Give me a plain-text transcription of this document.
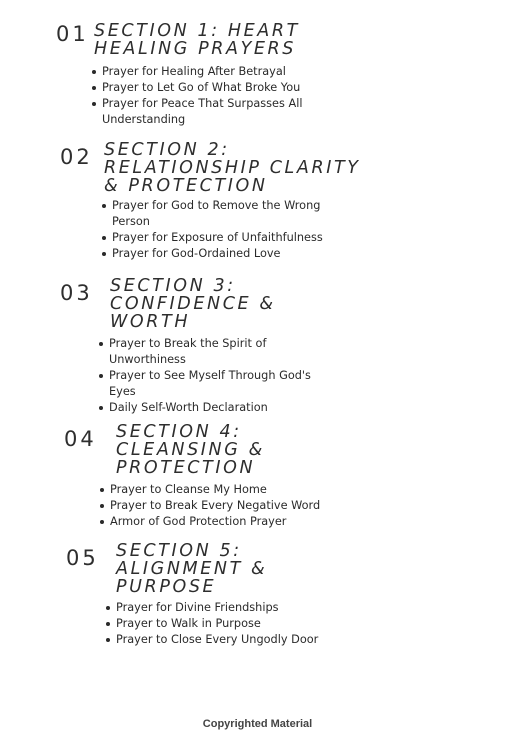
01 SECTION 1: HEART
HEALING PRAYERS
Prayer for Healing After Betrayal
Prayer to Let Go of What Broke You
Prayer for Peace That Surpasses All Understanding
02 SECTION 2:
RELATIONSHIP CLARITY
& PROTECTION
Prayer for God to Remove the Wrong Person
Prayer for Exposure of Unfaithfulness
Prayer for God-Ordained Love
03 SECTION 3:
CONFIDENCE &
WORTH
Prayer to Break the Spirit of Unworthiness
Prayer to See Myself Through God's Eyes
Daily Self-Worth Declaration
04 SECTION 4:
CLEANSING &
PROTECTION
Prayer to Cleanse My Home
Prayer to Break Every Negative Word
Armor of God Protection Prayer
05 SECTION 5:
ALIGNMENT &
PURPOSE
Prayer for Divine Friendships
Prayer to Walk in Purpose
Prayer to Close Every Ungodly Door
Copyrighted Material
